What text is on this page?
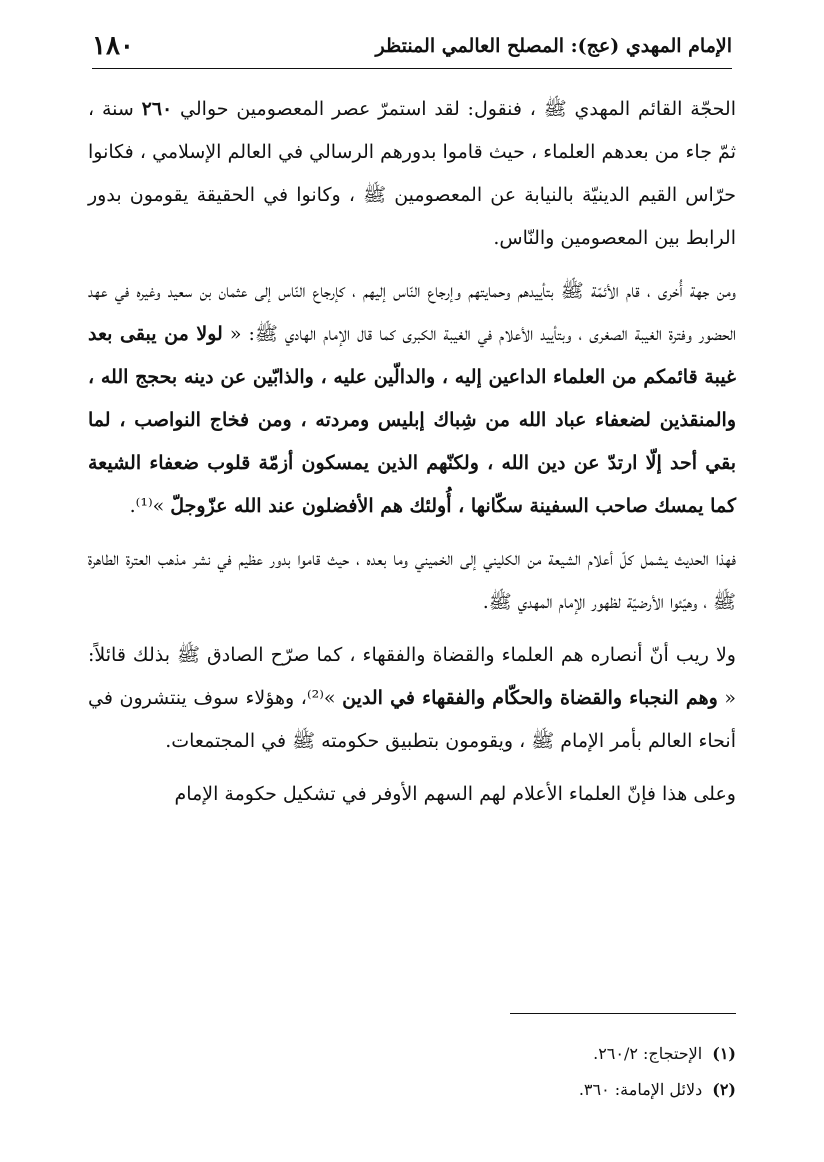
الإمام المهدي (عج): المصلح العالمي المنتظر
١٨٠

الحجّة القائم المهدي ﷺ ، فنقول: لقد استمرّ عصر المعصومين حوالي ٢٦٠ سنة ، ثمّ جاء من بعدهم العلماء ، حيث قاموا بدورهم الرسالي في العالم الإسلامي ، فكانوا حرّاس القيم الدينيّة بالنيابة عن المعصومين ﷺ ، وكانوا في الحقيقة يقومون بدور الرابط بين المعصومين والنّاس.

ومن جهة أُخرى ، قام الأئمّة ﷺ بتأييدهم وحمايتهم وإرجاع النّاس إليهم ، كإرجاع النّاس إلى عثمان بن سعيد وغيره في عهد الحضور وفترة الغيبة الصغرى ، وبتأييد الأعلام في الغيبة الكبرى كما قال الإمام الهادي ﷺ: « لولا من يبقى بعد غيبة قائمكم من العلماء الداعين إليه ، والدالّين عليه ، والذابّين عن دينه بحجج الله ، والمنقذين لضعفاء عباد الله من شِباك إبليس ومردته ، ومن فخاج النواصب ، لما بقي أحد إلّا ارتدّ عن دين الله ، ولكنّهم الذين يمسكون أزمّة قلوب ضعفاء الشيعة كما يمسك صاحب السفينة سكّانها ، أُولئك هم الأفضلون عند الله عزّوجلّ »⁽¹⁾.

فهذا الحديث يشمل كلّ أعلام الشيعة من الكليني إلى الخميني وما بعده ، حيث قاموا بدور عظيم في نشر مذهب العترة الطاهرة ﷺ ، وهيّئوا الأرضيّة لظهور الإمام المهدي ﷺ.

ولا ريب أنّ أنصاره هم العلماء والقضاة والفقهاء ، كما صرّح الصادق ﷺ بذلك قائلاً: « وهم النجباء والقضاة والحكّام والفقهاء في الدين »⁽²⁾، وهؤلاء سوف ينتشرون في أنحاء العالم بأمر الإمام ﷺ ، ويقومون بتطبيق حكومته ﷺ في المجتمعات.

وعلى هذا فإنّ العلماء الأعلام لهم السهم الأوفر في تشكيل حكومة الإمام

(١)
الإحتجاج: ٢٦٠/٢.
(٢)
دلائل الإمامة: ٣٦٠.
